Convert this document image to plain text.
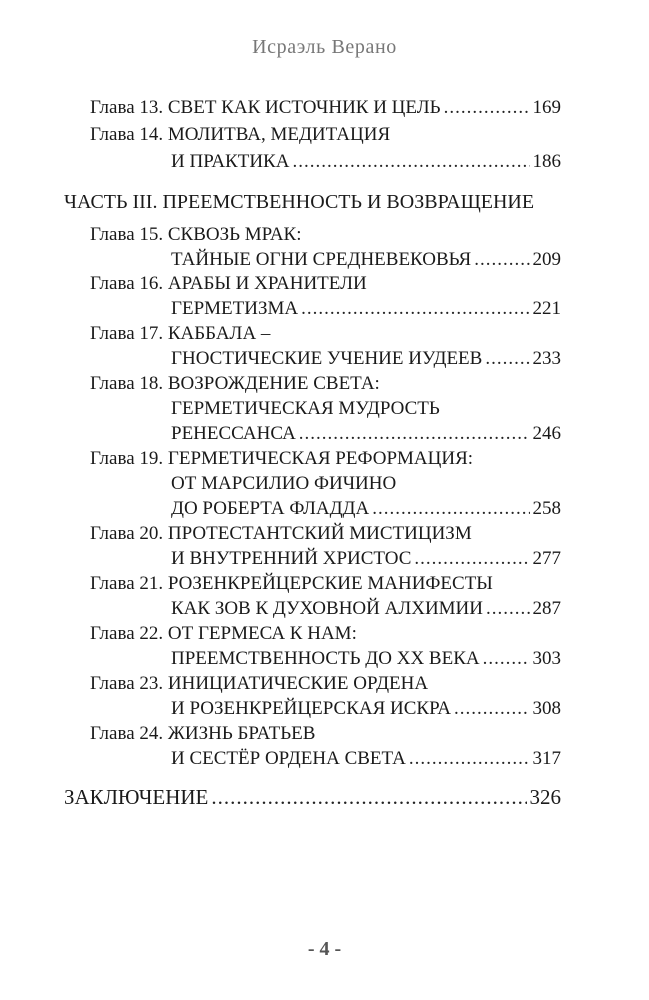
Исраэль Верано
Глава 13. СВЕТ КАК ИСТОЧНИК И ЦЕЛЬ .....	169
Глава 14. МОЛИТВА, МЕДИТАЦИЯ
И ПРАКТИКА .....	186
ЧАСТЬ III. ПРЕЕМСТВЕННОСТЬ И ВОЗВРАЩЕНИЕ
Глава 15. СКВОЗЬ МРАК:
ТАЙНЫЕ ОГНИ СРЕДНЕВЕКОВЬЯ .....	209
Глава 16. АРАБЫ И ХРАНИТЕЛИ
ГЕРМЕТИЗМА .....	221
Глава 17. КАББАЛА –
ГНОСТИЧЕСКИЕ УЧЕНИЕ ИУДЕЕВ .....	233
Глава 18. ВОЗРОЖДЕНИЕ СВЕТА:
ГЕРМЕТИЧЕСКАЯ МУДРОСТЬ
РЕНЕССАНСА .....	246
Глава 19. ГЕРМЕТИЧЕСКАЯ РЕФОРМАЦИЯ:
ОТ МАРСИЛИО ФИЧИНО
ДО РОБЕРТА ФЛАДДА .....	258
Глава 20. ПРОТЕСТАНТСКИЙ МИСТИЦИЗМ
И ВНУТРЕННИЙ ХРИСТОС .....	277
Глава 21. РОЗЕНКРЕЙЦЕРСКИЕ МАНИФЕСТЫ
КАК ЗОВ К ДУХОВНОЙ АЛХИМИИ .....	287
Глава 22. ОТ ГЕРМЕСА К НАМ:
ПРЕЕМСТВЕННОСТЬ ДО XX ВЕКА .....	303
Глава 23. ИНИЦИАТИЧЕСКИЕ ОРДЕНА
И РОЗЕНКРЕЙЦЕРСКАЯ ИСКРА .....	308
Глава 24. ЖИЗНЬ БРАТЬЕВ
И СЕСТЁР ОРДЕНА СВЕТА .....	317
ЗАКЛЮЧЕНИЕ .....	326
- 4 -
